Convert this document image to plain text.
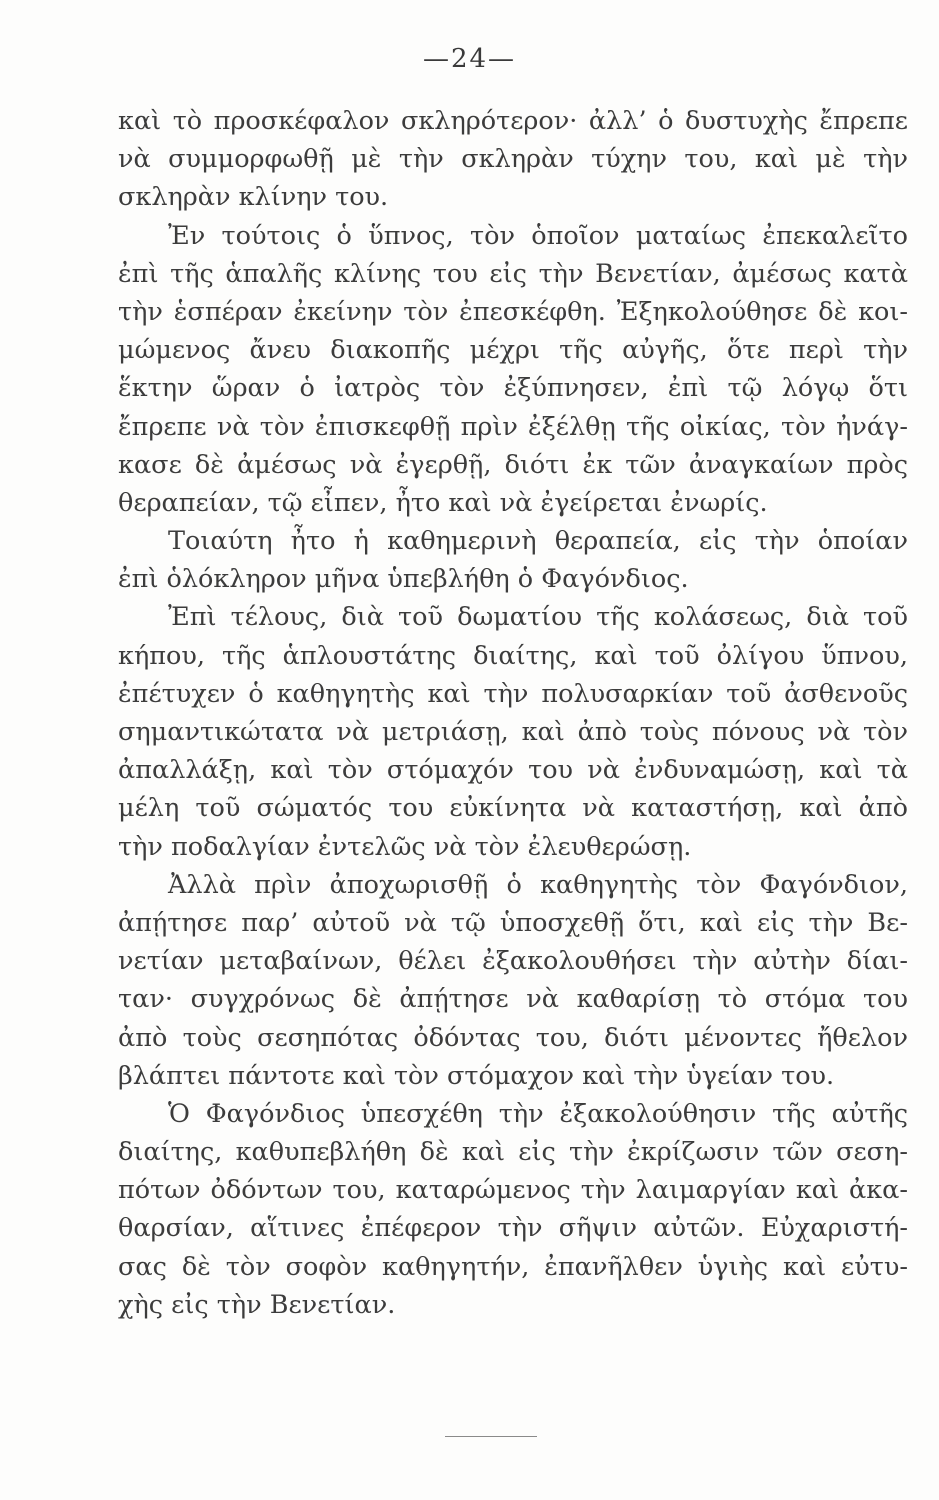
—24—
καὶ τὸ προσκέφαλον σκληρότερον· ἀλλ’ ὁ δυστυχὴς ἔπρεπε
νὰ συμμορφωθῇ μὲ τὴν σκληρὰν τύχην του, καὶ μὲ τὴν
σκληρὰν κλίνην του.
Ἐν τούτοις ὁ ὕπνος, τὸν ὁποῖον ματαίως ἐπεκαλεῖτο
ἐπὶ τῆς ἁπαλῆς κλίνης του εἰς τὴν Βενετίαν, ἀμέσως κατὰ
τὴν ἑσπέραν ἐκείνην τὸν ἐπεσκέφθη. Ἐξηκολούθησε δὲ κοι-
μώμενος ἄνευ διακοπῆς μέχρι τῆς αὐγῆς, ὅτε περὶ τὴν
ἕκτην ὥραν ὁ ἰατρὸς τὸν ἐξύπνησεν, ἐπὶ τῷ λόγῳ ὅτι
ἔπρεπε νὰ τὸν ἐπισκεφθῇ πρὶν ἐξέλθῃ τῆς οἰκίας, τὸν ἠνάγ-
κασε δὲ ἀμέσως νὰ ἐγερθῇ, διότι ἐκ τῶν ἀναγκαίων πρὸς
θεραπείαν, τῷ εἶπεν, ἦτο καὶ νὰ ἐγείρεται ἐνωρίς.
Τοιαύτη ἦτο ἡ καθημερινὴ θεραπεία, εἰς τὴν ὁποίαν
ἐπὶ ὁλόκληρον μῆνα ὑπεβλήθη ὁ Φαγόνδιος.
Ἐπὶ τέλους, διὰ τοῦ δωματίου τῆς κολάσεως, διὰ τοῦ
κήπου, τῆς ἁπλουστάτης διαίτης, καὶ τοῦ ὀλίγου ὕπνου,
ἐπέτυχεν ὁ καθηγητὴς καὶ τὴν πολυσαρκίαν τοῦ ἀσθενοῦς
σημαντικώτατα νὰ μετριάσῃ, καὶ ἀπὸ τοὺς πόνους νὰ τὸν
ἀπαλλάξῃ, καὶ τὸν στόμαχόν του νὰ ἐνδυναμώσῃ, καὶ τὰ
μέλη τοῦ σώματός του εὐκίνητα νὰ καταστήσῃ, καὶ ἀπὸ
τὴν ποδαλγίαν ἐντελῶς νὰ τὸν ἐλευθερώσῃ.
Ἀλλὰ πρὶν ἀποχωρισθῇ ὁ καθηγητὴς τὸν Φαγόνδιον,
ἀπῄτησε παρ’ αὐτοῦ νὰ τῷ ὑποσχεθῇ ὅτι, καὶ εἰς τὴν Βε-
νετίαν μεταβαίνων, θέλει ἐξακολουθήσει τὴν αὐτὴν δίαι-
ταν· συγχρόνως δὲ ἀπῄτησε νὰ καθαρίσῃ τὸ στόμα του
ἀπὸ τοὺς σεσηπότας ὀδόντας του, διότι μένοντες ἤθελον
βλάπτει πάντοτε καὶ τὸν στόμαχον καὶ τὴν ὑγείαν του.
Ὁ Φαγόνδιος ὑπεσχέθη τὴν ἐξακολούθησιν τῆς αὐτῆς
διαίτης, καθυπεβλήθη δὲ καὶ εἰς τὴν ἐκρίζωσιν τῶν σεση-
πότων ὀδόντων του, καταρώμενος τὴν λαιμαργίαν καὶ ἀκα-
θαρσίαν, αἵτινες ἐπέφερον τὴν σῆψιν αὐτῶν. Εὐχαριστή-
σας δὲ τὸν σοφὸν καθηγητήν, ἐπανῆλθεν ὑγιὴς καὶ εὐτυ-
χὴς εἰς τὴν Βενετίαν.
